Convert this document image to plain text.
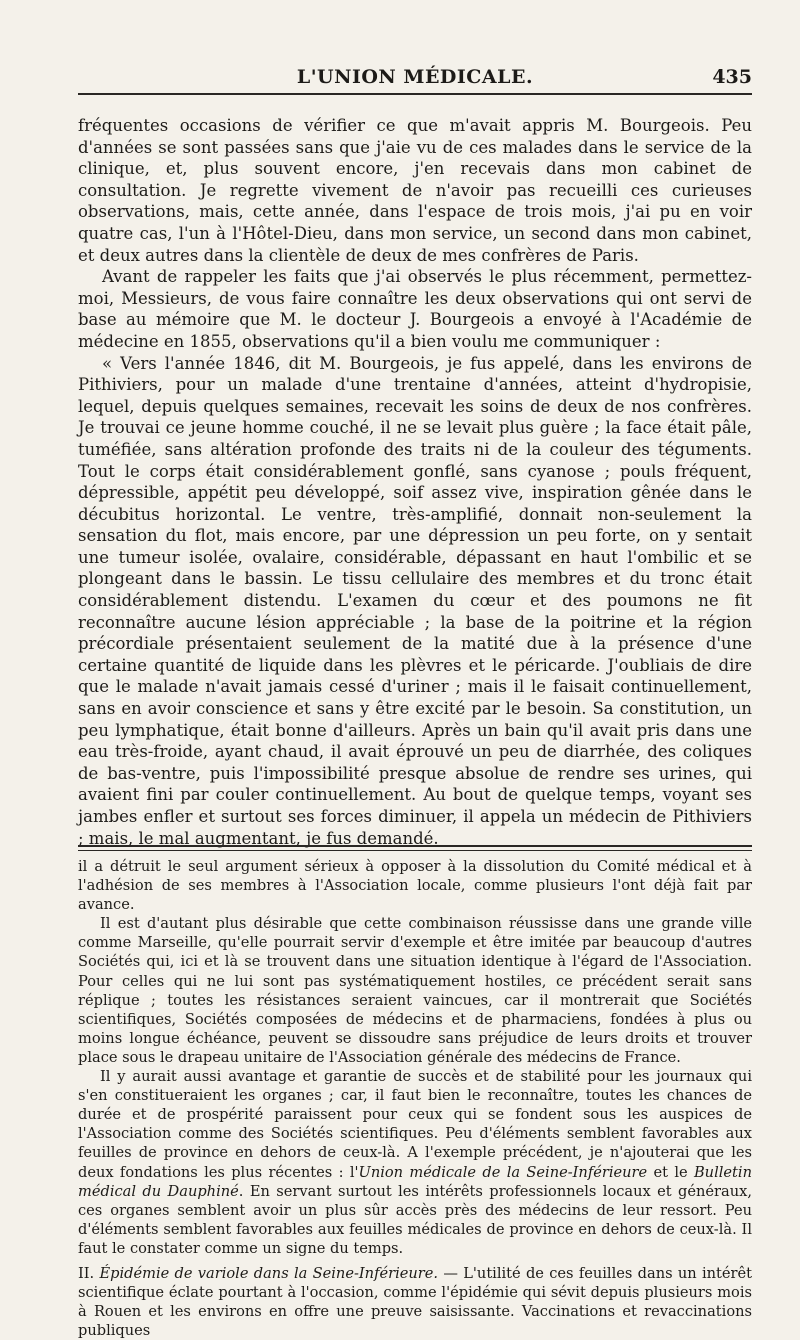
L'UNION MÉDICALE.	435

fréquentes occasions de vérifier ce que m'avait appris M. Bourgeois. Peu d'années se sont passées sans que j'aie vu de ces malades dans le service de la clinique, et, plus souvent encore, j'en recevais dans mon cabinet de consultation. Je regrette vivement de n'avoir pas recueilli ces curieuses observations, mais, cette année, dans l'espace de trois mois, j'ai pu en voir quatre cas, l'un à l'Hôtel-Dieu, dans mon service, un second dans mon cabinet, et deux autres dans la clientèle de deux de mes confrères de Paris.

Avant de rappeler les faits que j'ai observés le plus récemment, permettez-moi, Messieurs, de vous faire connaître les deux observations qui ont servi de base au mémoire que M. le docteur J. Bourgeois a envoyé à l'Académie de médecine en 1855, observations qu'il a bien voulu me communiquer :

« Vers l'année 1846, dit M. Bourgeois, je fus appelé, dans les environs de Pithiviers, pour un malade d'une trentaine d'années, atteint d'hydropisie, lequel, depuis quelques semaines, recevait les soins de deux de nos confrères. Je trouvai ce jeune homme couché, il ne se levait plus guère ; la face était pâle, tuméfiée, sans altération profonde des traits ni de la couleur des téguments. Tout le corps était considérablement gonflé, sans cyanose ; pouls fréquent, dépressible, appétit peu développé, soif assez vive, inspiration gênée dans le décubitus horizontal. Le ventre, très-amplifié, donnait non-seulement la sensation du flot, mais encore, par une dépression un peu forte, on y sentait une tumeur isolée, ovalaire, considérable, dépassant en haut l'ombilic et se plongeant dans le bassin. Le tissu cellulaire des membres et du tronc était considérablement distendu. L'examen du cœur et des poumons ne fit reconnaître aucune lésion appréciable ; la base de la poitrine et la région précordiale présentaient seulement de la matité due à la présence d'une certaine quantité de liquide dans les plèvres et le péricarde. J'oubliais de dire que le malade n'avait jamais cessé d'uriner ; mais il le faisait continuellement, sans en avoir conscience et sans y être excité par le besoin. Sa constitution, un peu lymphatique, était bonne d'ailleurs. Après un bain qu'il avait pris dans une eau très-froide, ayant chaud, il avait éprouvé un peu de diarrhée, des coliques de bas-ventre, puis l'impossibilité presque absolue de rendre ses urines, qui avaient fini par couler continuellement. Au bout de quelque temps, voyant ses jambes enfler et surtout ses forces diminuer, il appela un médecin de Pithiviers ; mais, le mal augmentant, je fus demandé.

il a détruit le seul argument sérieux à opposer à la dissolution du Comité médical et à l'adhésion de ses membres à l'Association locale, comme plusieurs l'ont déjà fait par avance.

Il est d'autant plus désirable que cette combinaison réussisse dans une grande ville comme Marseille, qu'elle pourrait servir d'exemple et être imitée par beaucoup d'autres Sociétés qui, ici et là se trouvent dans une situation identique à l'égard de l'Association. Pour celles qui ne lui sont pas systématiquement hostiles, ce précédent serait sans réplique ; toutes les résistances seraient vaincues, car il montrerait que Sociétés scientifiques, Sociétés composées de médecins et de pharmaciens, fondées à plus ou moins longue échéance, peuvent se dissoudre sans préjudice de leurs droits et trouver place sous le drapeau unitaire de l'Association générale des médecins de France.

Il y aurait aussi avantage et garantie de succès et de stabilité pour les journaux qui s'en constitueraient les organes ; car, il faut bien le reconnaître, toutes les chances de durée et de prospérité paraissent pour ceux qui se fondent sous les auspices de l'Association comme des Sociétés scientifiques. Peu d'éléments semblent favorables aux feuilles de province en dehors de ceux-là. A l'exemple précédent, je n'ajouterai que les deux fondations les plus récentes : l'Union médicale de la Seine-Inférieure et le Bulletin médical du Dauphiné. En servant surtout les intérêts professionnels locaux et généraux, ces organes semblent avoir un plus sûr accès près des médecins de leur ressort. Peu d'éléments semblent favorables aux feuilles médicales de province en dehors de ceux-là. Il faut le constater comme un signe du temps.

II. Épidémie de variole dans la Seine-Inférieure. — L'utilité de ces feuilles dans un intérêt scientifique éclate pourtant à l'occasion, comme l'épidémie qui sévit depuis plusieurs mois à Rouen et les environs en offre une preuve saisissante. Vaccinations et revaccinations publiques
